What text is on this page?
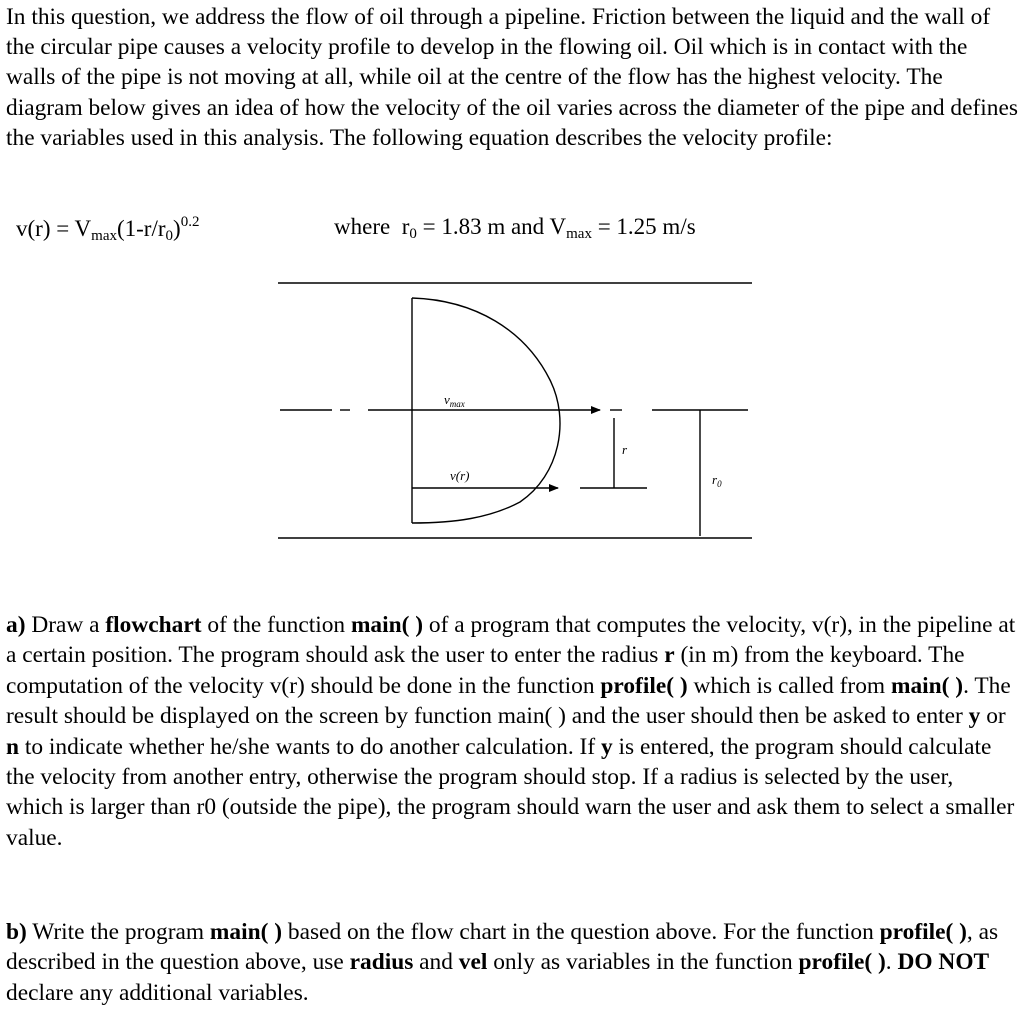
In this question, we address the flow of oil through a pipeline. Friction between the liquid and the wall of the circular pipe causes a velocity profile to develop in the flowing oil. Oil which is in contact with the walls of the pipe is not moving at all, while oil at the centre of the flow has the highest velocity. The diagram below gives an idea of how the velocity of the oil varies across the diameter of the pipe and defines the variables used in this analysis. The following equation describes the velocity profile:
$v(r) = V_{max}(1-r/r_0)^{0.2}$	where $r_0 = 1.83$ m and $V_{max} = 1.25$ m/s
$v_{max}$
v(r)
r
$r_0$
a) Draw a flowchart of the function main( ) of a program that computes the velocity, v(r), in the pipeline at a certain position. The program should ask the user to enter the radius r (in m) from the keyboard. The computation of the velocity v(r) should be done in the function profile( ) which is called from main( ). The result should be displayed on the screen by function main( ) and the user should then be asked to enter y or n to indicate whether he/she wants to do another calculation. If y is entered, the program should calculate the velocity from another entry, otherwise the program should stop. If a radius is selected by the user, which is larger than r0 (outside the pipe), the program should warn the user and ask them to select a smaller value.
b) Write the program main( ) based on the flow chart in the question above. For the function profile( ), as described in the question above, use radius and vel only as variables in the function profile( ). DO NOT declare any additional variables.
